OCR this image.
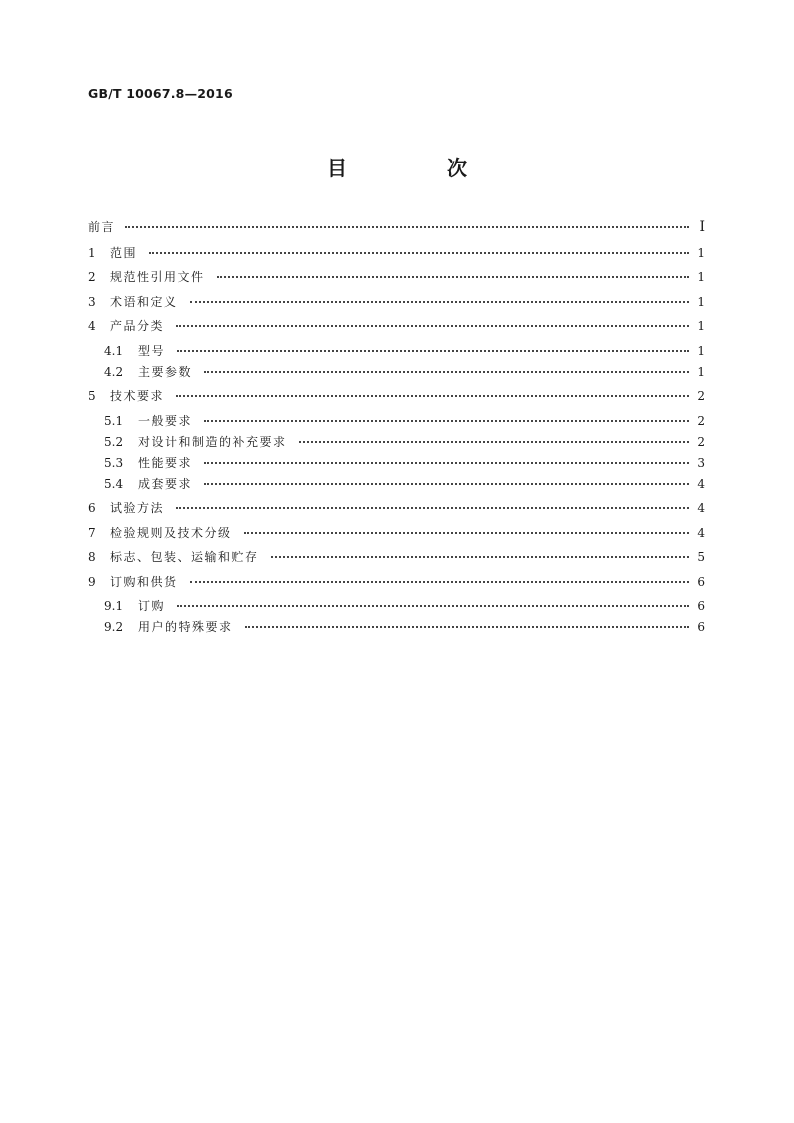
GB/T 10067.8—2016
目　次
前言	Ⅰ
1	范围	1
2	规范性引用文件	1
3	术语和定义	1
4	产品分类	1
4.1	型号	1
4.2	主要参数	1
5	技术要求	2
5.1	一般要求	2
5.2	对设计和制造的补充要求	2
5.3	性能要求	3
5.4	成套要求	4
6	试验方法	4
7	检验规则及技术分级	4
8	标志、包装、运输和贮存	5
9	订购和供货	6
9.1	订购	6
9.2	用户的特殊要求	6
